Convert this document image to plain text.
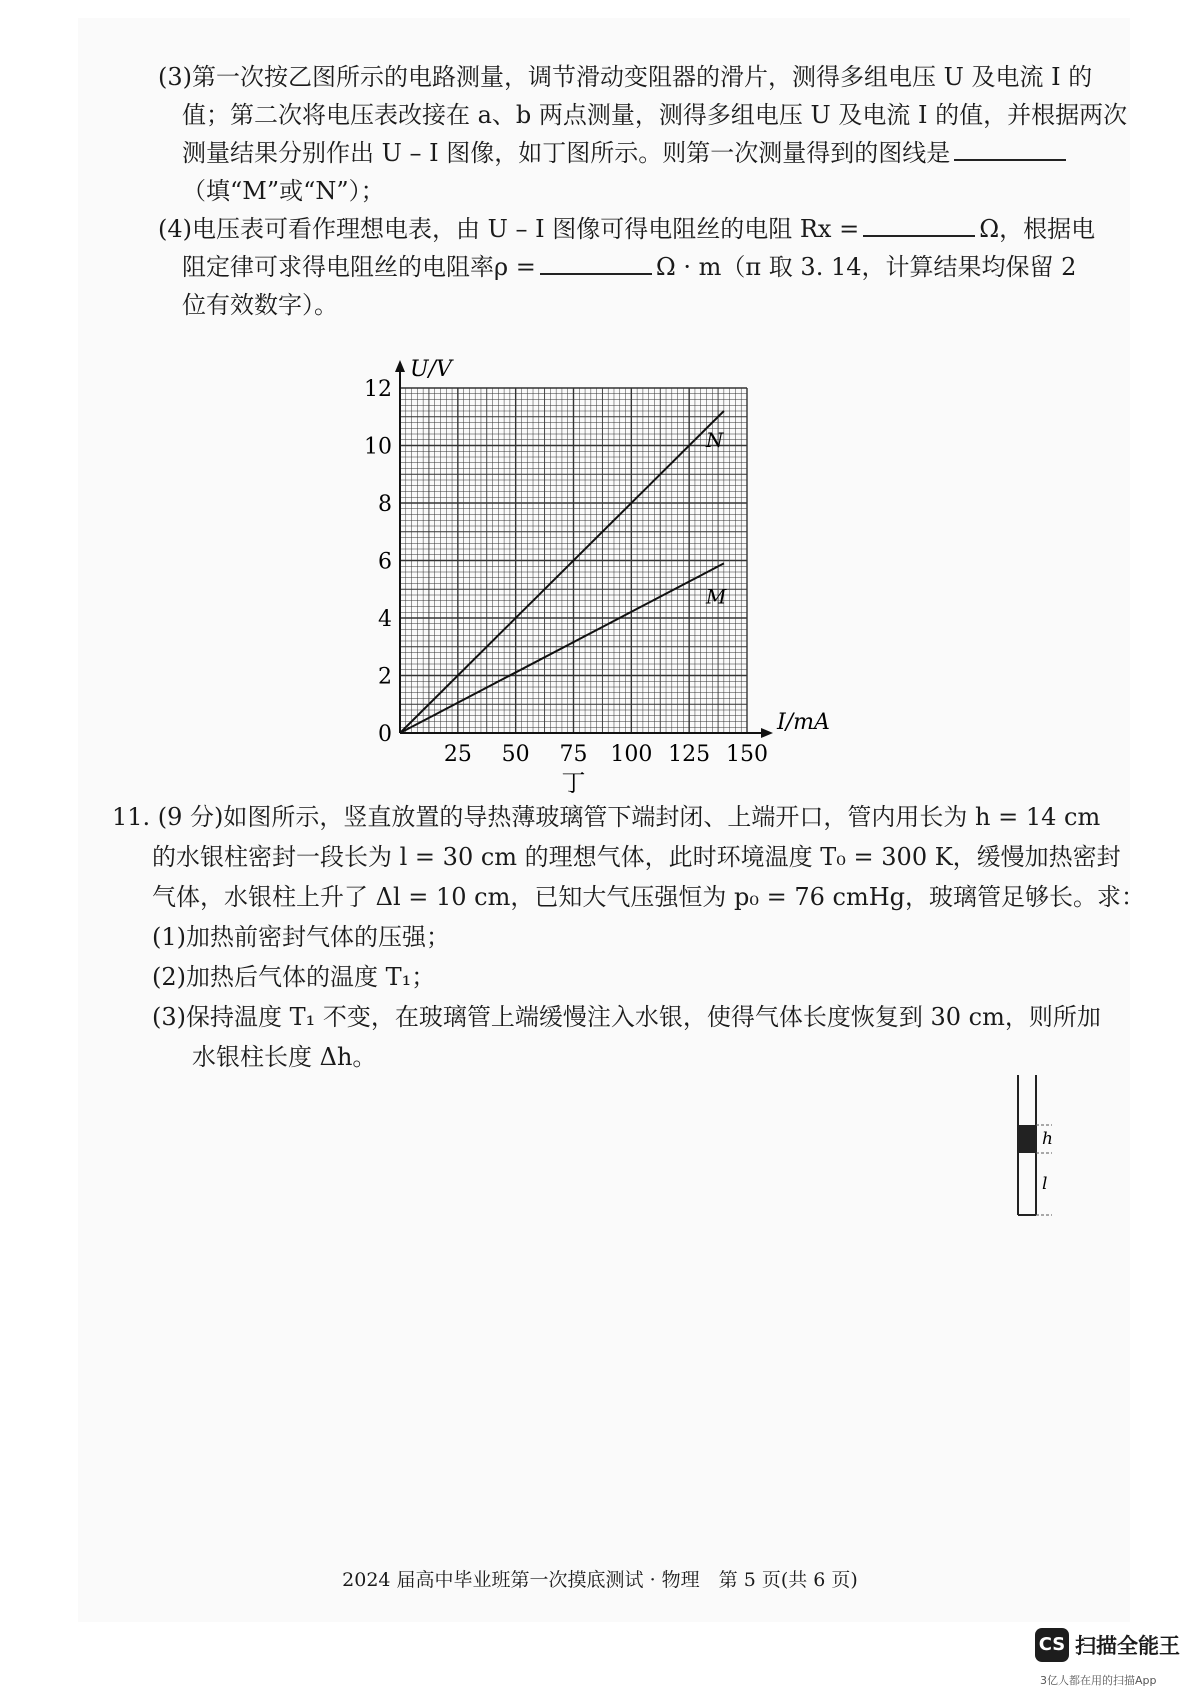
(3)第一次按乙图所示的电路测量，调节滑动变阻器的滑片，测得多组电压 U 及电流 I 的
值；第二次将电压表改接在 a、b 两点测量，测得多组电压 U 及电流 I 的值，并根据两次
测量结果分别作出 U – I 图像，如丁图所示。则第一次测量得到的图线是
（填“M”或“N”）；
(4)电压表可看作理想电表，由 U – I 图像可得电阻丝的电阻 Rx =	Ω，根据电
阻定律可求得电阻丝的电阻率ρ =	Ω · m（π 取 3. 14，计算结果均保留 2
位有效数字）。
N
M
25 50 75 100 125 150
0
2
4
6
8
10
12
I/mA
U/V
丁
11. (9 分)如图所示，竖直放置的导热薄玻璃管下端封闭、上端开口，管内用长为 h = 14 cm
的水银柱密封一段长为 l = 30 cm 的理想气体，此时环境温度 T₀ = 300 K，缓慢加热密封
气体，水银柱上升了 Δl = 10 cm，已知大气压强恒为 p₀ = 76 cmHg，玻璃管足够长。求：
(1)加热前密封气体的压强；
(2)加热后气体的温度 T₁；
(3)保持温度 T₁ 不变，在玻璃管上端缓慢注入水银，使得气体长度恢复到 30 cm，则所加
水银柱长度 Δh。
h
l
2024 届高中毕业班第一次摸底测试 · 物理　第 5 页(共 6 页)
CS 扫描全能王
3亿人都在用的扫描App
